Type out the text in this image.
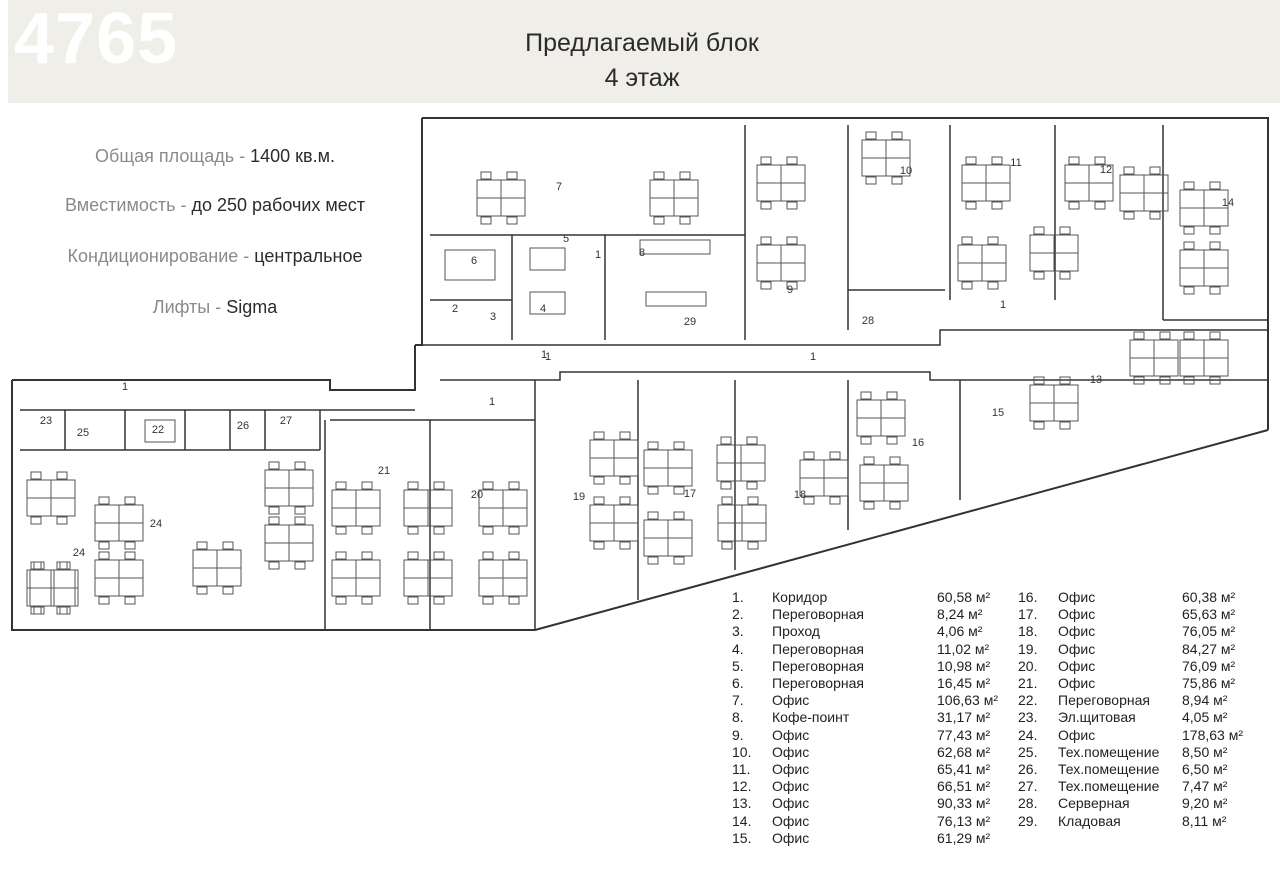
4765	Предлагаемый блок
4 этаж
Общая площадь - 1400 кв.м.
Вместимость - до 250 рабочих мест
Кондиционирование - центральное
Лифты - Sigma
1
1	1
1
1
1
1
2
3
4
5
6
7
8
9
10
11
12
13
14
15
16
17	18
19
20
21
22
23
24
24
25
26	27
28
29
1. Коридор	60,58 м²
2. Переговорная	8,24 м²
3. Проход	4,06 м²
4. Переговорная	11,02 м²
5. Переговорная	10,98 м²
6. Переговорная	16,45 м²
7. Офис	106,63 м²
8. Кофе-поинт	31,17 м²
9. Офис	77,43 м²
10. Офис	62,68 м²
11. Офис	65,41 м²
12. Офис	66,51 м²
13. Офис	90,33 м²
14. Офис	76,13 м²
15. Офис	61,29 м²
16. Офис	60,38 м²
17. Офис	65,63 м²
18. Офис	76,05 м²
19. Офис	84,27 м²
20. Офис	76,09 м²
21. Офис	75,86 м²
22. Переговорная 8,94 м²
23. Эл.щитовая	4,05 м²
24. Офис	178,63 м²
25. Тех.помещение 8,50 м²
26. Тех.помещение 6,50 м²
27. Тех.помещение 7,47 м²
28. Серверная	9,20 м²
29. Кладовая	8,11 м²
